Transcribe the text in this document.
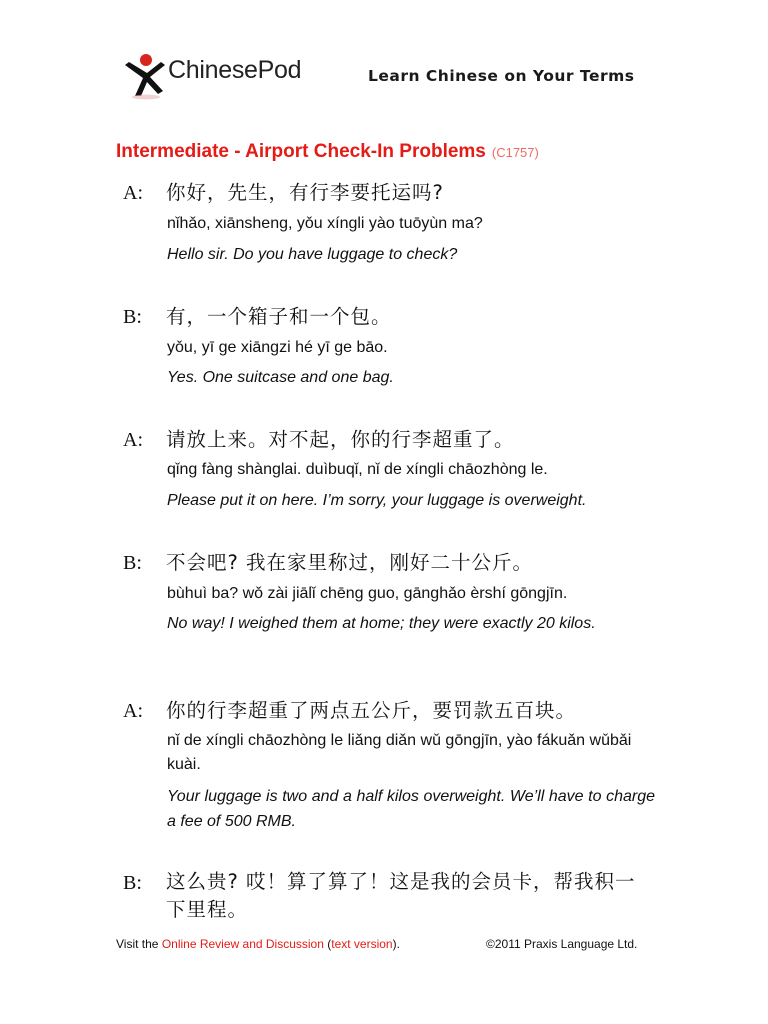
ChinesePod	Learn Chinese on Your Terms
Intermediate - Airport Check-In Problems (C1757)
A: 你好，先生，有行李要托运吗?
nǐhǎo, xiānsheng, yǒu xíngli yào tuōyùn ma?
Hello sir. Do you have luggage to check?
B: 有，一个箱子和一个包。
yǒu, yī ge xiāngzi hé yī ge bāo.
Yes. One suitcase and one bag.
A: 请放上来。对不起，你的行李超重了。
qǐng fàng shànglai. duìbuqǐ, nǐ de xíngli chāozhòng le.
Please put it on here. I’m sorry, your luggage is overweight.
B: 不会吧? 我在家里称过，刚好二十公斤。
bùhuì ba? wǒ zài jiālǐ chēng guo, gānghǎo èrshí gōngjīn.
No way! I weighed them at home; they were exactly 20 kilos.
A: 你的行李超重了两点五公斤，要罚款五百块。
nǐ de xíngli chāozhòng le liǎng diǎn wǔ gōngjīn, yào fákuǎn wǔbǎi kuài.
Your luggage is two and a half kilos overweight. We’ll have to charge a fee of 500 RMB.
B: 这么贵? 哎！算了算了！这是我的会员卡，帮我积一下里程。
Visit the Online Review and Discussion (text version).	©2011 Praxis Language Ltd.
